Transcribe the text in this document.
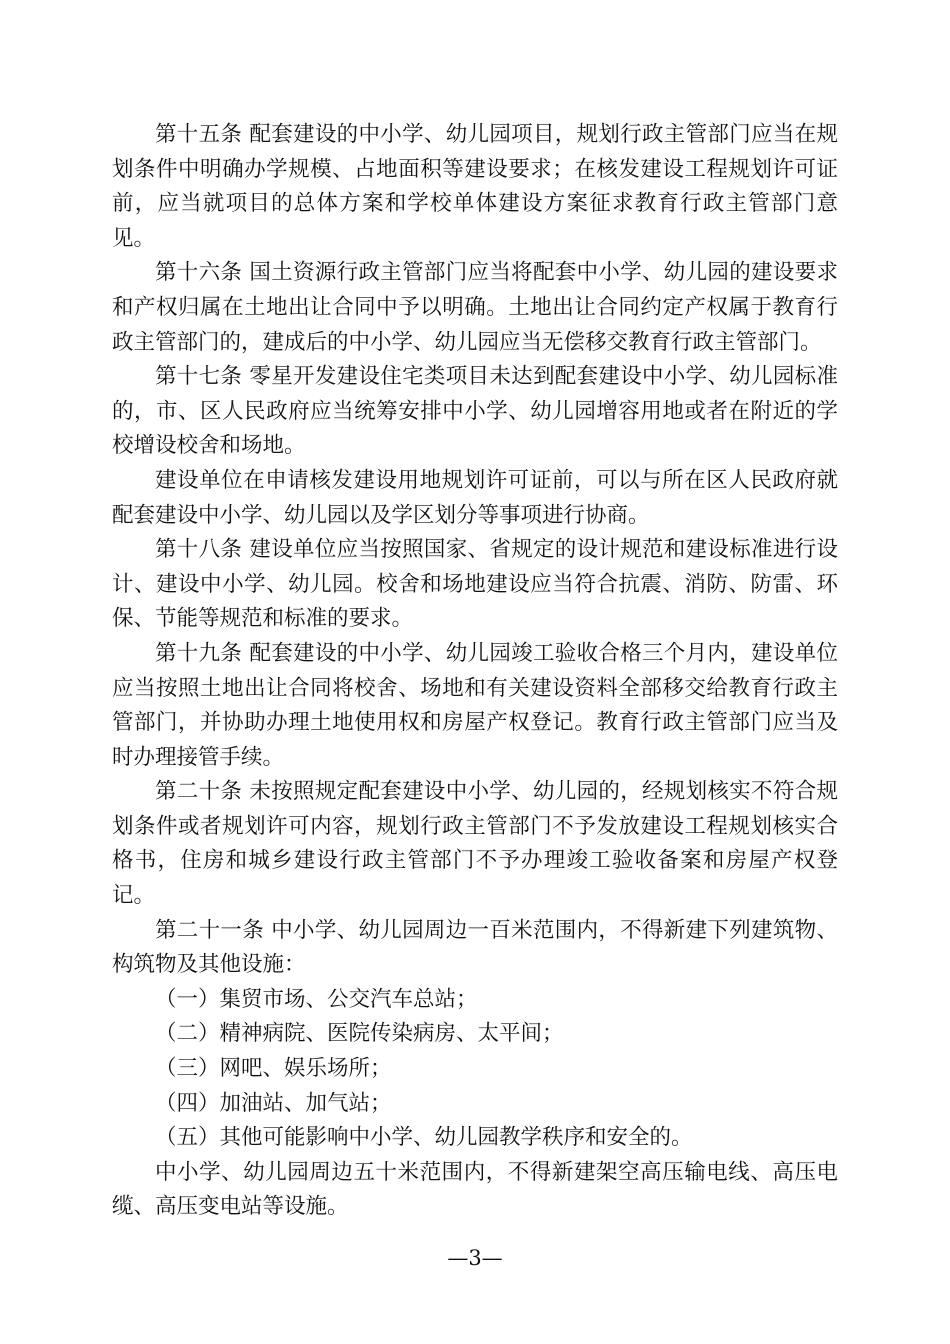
第十五条 配套建设的中小学、幼儿园项目，规划行政主管部门应当在规划条件中明确办学规模、占地面积等建设要求；在核发建设工程规划许可证前，应当就项目的总体方案和学校单体建设方案征求教育行政主管部门意见。

第十六条 国土资源行政主管部门应当将配套中小学、幼儿园的建设要求和产权归属在土地出让合同中予以明确。土地出让合同约定产权属于教育行政主管部门的，建成后的中小学、幼儿园应当无偿移交教育行政主管部门。

第十七条 零星开发建设住宅类项目未达到配套建设中小学、幼儿园标准的，市、区人民政府应当统筹安排中小学、幼儿园增容用地或者在附近的学校增设校舍和场地。

建设单位在申请核发建设用地规划许可证前，可以与所在区人民政府就配套建设中小学、幼儿园以及学区划分等事项进行协商。

第十八条 建设单位应当按照国家、省规定的设计规范和建设标准进行设计、建设中小学、幼儿园。校舍和场地建设应当符合抗震、消防、防雷、环保、节能等规范和标准的要求。

第十九条 配套建设的中小学、幼儿园竣工验收合格三个月内，建设单位应当按照土地出让合同将校舍、场地和有关建设资料全部移交给教育行政主管部门，并协助办理土地使用权和房屋产权登记。教育行政主管部门应当及时办理接管手续。

第二十条 未按照规定配套建设中小学、幼儿园的，经规划核实不符合规划条件或者规划许可内容，规划行政主管部门不予发放建设工程规划核实合格书，住房和城乡建设行政主管部门不予办理竣工验收备案和房屋产权登记。

第二十一条 中小学、幼儿园周边一百米范围内，不得新建下列建筑物、构筑物及其他设施：

（一）集贸市场、公交汽车总站；

（二）精神病院、医院传染病房、太平间；

（三）网吧、娱乐场所；

（四）加油站、加气站；

（五）其他可能影响中小学、幼儿园教学秩序和安全的。

中小学、幼儿园周边五十米范围内，不得新建架空高压输电线、高压电缆、高压变电站等设施。

—3—
